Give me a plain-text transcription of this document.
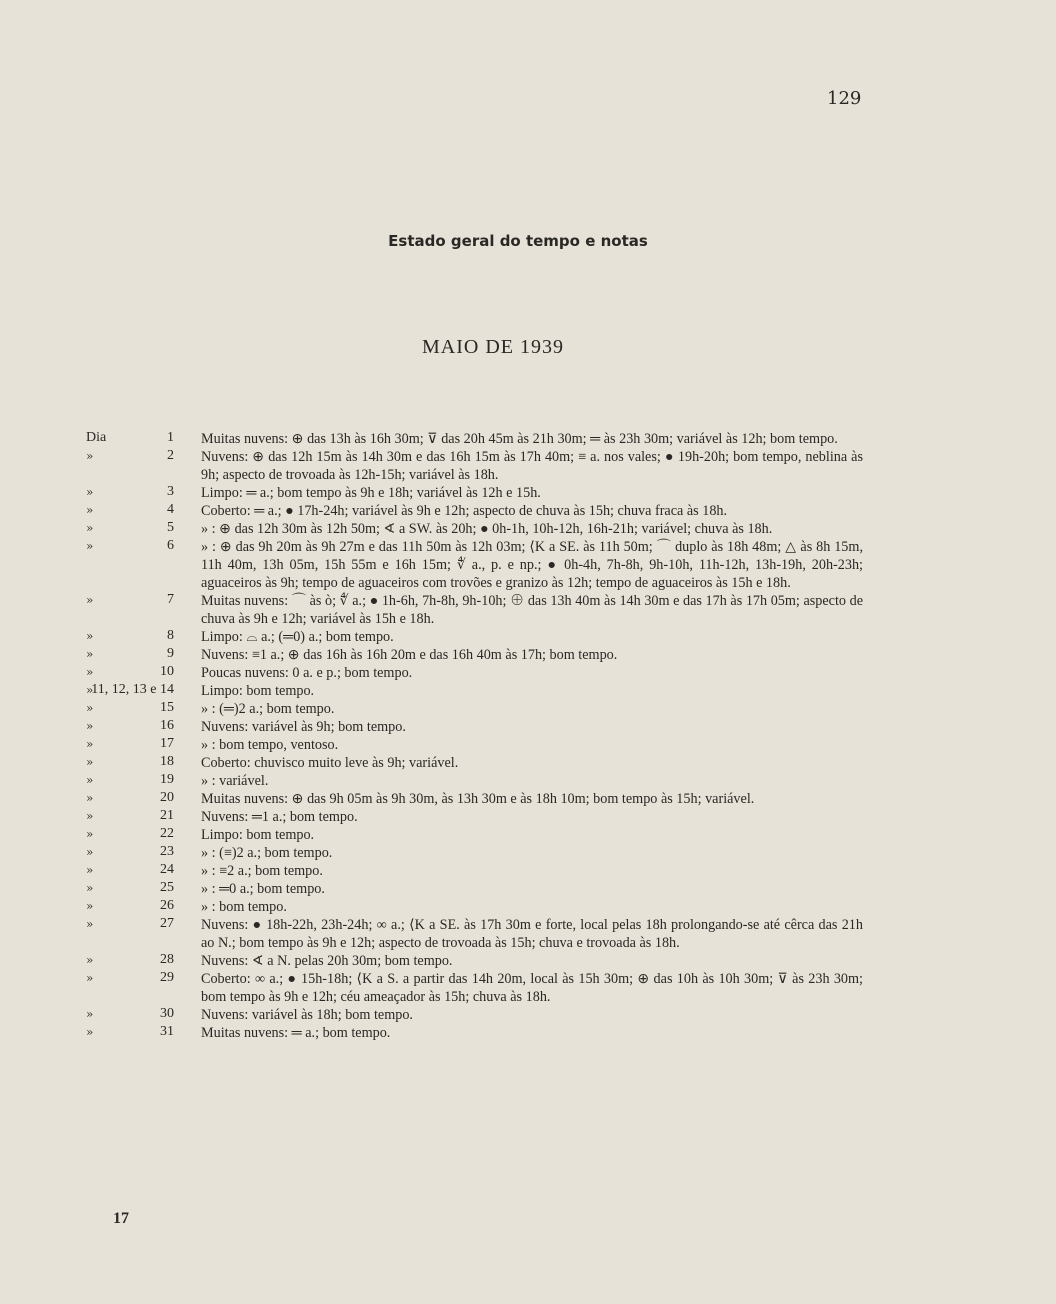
129
Estado geral do tempo e notas
MAIO DE 1939
Dia	1 Muitas nuvens: ⊕ das 13h às 16h 30m; ⊽ das 20h 45m às 21h 30m; ═ às 23h 30m; variável às 12h; bom tempo.
»	2 Nuvens: ⊕ das 12h 15m às 14h 30m e das 16h 15m às 17h 40m; ≡ a. nos vales; ● 19h-20h; bom tempo, neblina às 9h; aspecto de trovoada às 12h-15h; variável às 18h.
»	3 Limpo: ═ a.; bom tempo às 9h e 18h; variável às 12h e 15h.
»	4 Coberto: ═ a.; ● 17h-24h; variável às 9h e 12h; aspecto de chuva às 15h; chuva fraca às 18h.
»	5 » : ⊕ das 12h 30m às 12h 50m; ∢ a SW. às 20h; ● 0h-1h, 10h-12h, 16h-21h; variável; chuva às 18h.
»	6 » : ⊕ das 9h 20m às 9h 27m e das 11h 50m às 12h 03m; ⟨K a SE. às 11h 50m; ⌒ duplo às 18h 48m; △ às 8h 15m, 11h 40m, 13h 05m, 15h 55m e 16h 15m; ∜ a., p. e np.; ● 0h-4h, 7h-8h, 9h-10h, 11h-12h, 13h-19h, 20h-23h; aguaceiros às 9h; tempo de aguaceiros com trovões e granizo às 12h; tempo de aguaceiros às 15h e 18h.
»	7 Muitas nuvens: ⌒ às ò; ∜ a.; ● 1h-6h, 7h-8h, 9h-10h; ⊕ das 13h 40m às 14h 30m e das 17h às 17h 05m; aspecto de chuva às 9h e 12h; variável às 15h e 18h.
»	8 Limpo: ⌓ a.; (═0) a.; bom tempo.
»	9 Nuvens: ≡1 a.; ⊕ das 16h às 16h 20m e das 16h 40m às 17h; bom tempo.
»	10 Poucas nuvens: 0 a. e p.; bom tempo.
»
11, 12, 13 e 14 Limpo: bom tempo.
»	15 » : (═)2 a.; bom tempo.
»	16 Nuvens: variável às 9h; bom tempo.
»	17 » : bom tempo, ventoso.
»	18 Coberto: chuvisco muito leve às 9h; variável.
»	19 » : variável.
»	20 Muitas nuvens: ⊕ das 9h 05m às 9h 30m, às 13h 30m e às 18h 10m; bom tempo às 15h; variável.
»	21 Nuvens: ═1 a.; bom tempo.
»	22 Limpo: bom tempo.
»	23 » : (≡)2 a.; bom tempo.
»	24 » : ≡2 a.; bom tempo.
»	25 » : ═0 a.; bom tempo.
»	26 » : bom tempo.
»	27 Nuvens: ● 18h-22h, 23h-24h; ∞ a.; ⟨K a SE. às 17h 30m e forte, local pelas 18h prolongando-se até cêrca das 21h ao N.; bom tempo às 9h e 12h; aspecto de trovoada às 15h; chuva e trovoada às 18h.
»	28 Nuvens: ∢ a N. pelas 20h 30m; bom tempo.
»	29 Coberto: ∞ a.; ● 15h-18h; ⟨K a S. a partir das 14h 20m, local às 15h 30m; ⊕ das 10h às 10h 30m; ⊽ às 23h 30m; bom tempo às 9h e 12h; céu ameaçador às 15h; chuva às 18h.
»	30 Nuvens: variável às 18h; bom tempo.
»	31 Muitas nuvens: ═ a.; bom tempo.
17
